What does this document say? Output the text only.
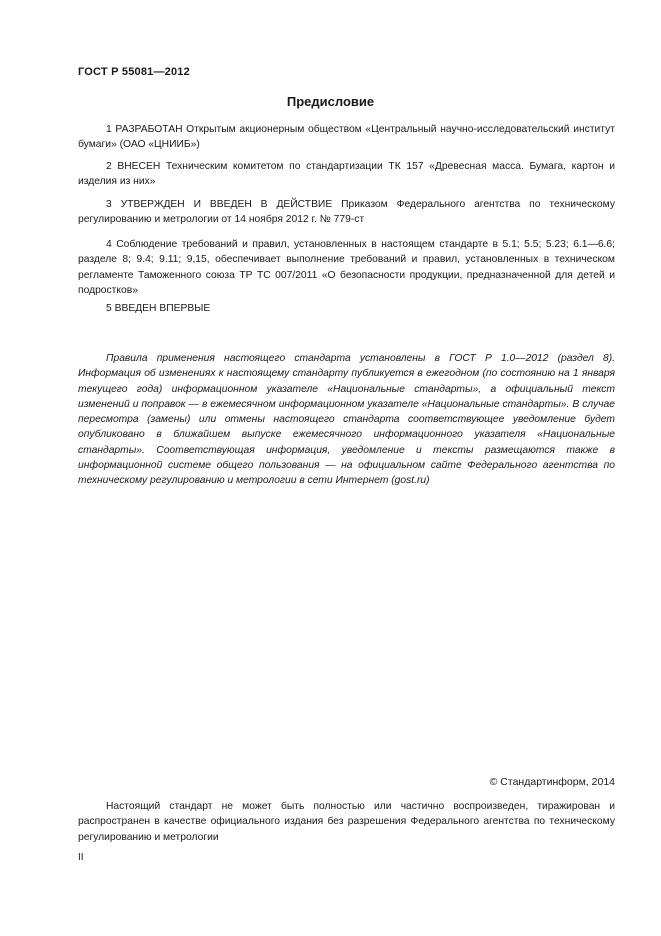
ГОСТ Р 55081—2012
Предисловие

1 РАЗРАБОТАН Открытым акционерным обществом «Центральный научно-исследовательский институт бумаги» (ОАО «ЦНИИБ»)

2 ВНЕСЕН Техническим комитетом по стандартизации ТК 157 «Древесная масса. Бумага, картон и изделия из них»

3 УТВЕРЖДЕН И ВВЕДЕН В ДЕЙСТВИЕ Приказом Федерального агентства по техническому регулированию и метрологии от 14 ноября 2012 г. № 779-ст

4 Соблюдение требований и правил, установленных в настоящем стандарте в 5.1; 5.5; 5.23; 6.1—6.6; разделе 8; 9.4; 9.11; 9,15, обеспечивает выполнение требований и правил, установленных в техническом регламенте Таможенного союза ТР ТС 007/2011 «О безопасности продукции, предназначенной для детей и подростков»

5 ВВЕДЕН ВПЕРВЫЕ

Правила применения настоящего стандарта установлены в ГОСТ Р 1.0—2012 (раздел 8). Информация об изменениях к настоящему стандарту публикуется в ежегодном (по состоянию на 1 января текущего года) информационном указателе «Национальные стандарты», а официальный текст изменений и поправок — в ежемесячном информационном указателе «Национальные стандарты». В случае пересмотра (замены) или отмены настоящего стандарта соответствующее уведомление будет опубликовано в ближайшем выпуске ежемесячного информационного указателя «Национальные стандарты». Соответствующая информация, уведомление и тексты размещаются также в информационной системе общего пользования — на официальном сайте Федерального агентства по техническому регулированию и метрологии в сети Интернет (gost.ru)

© Стандартинформ, 2014

Настоящий стандарт не может быть полностью или частично воспроизведен, тиражирован и распространен в качестве официального издания без разрешения Федерального агентства по техническому регулированию и метрологии

II
